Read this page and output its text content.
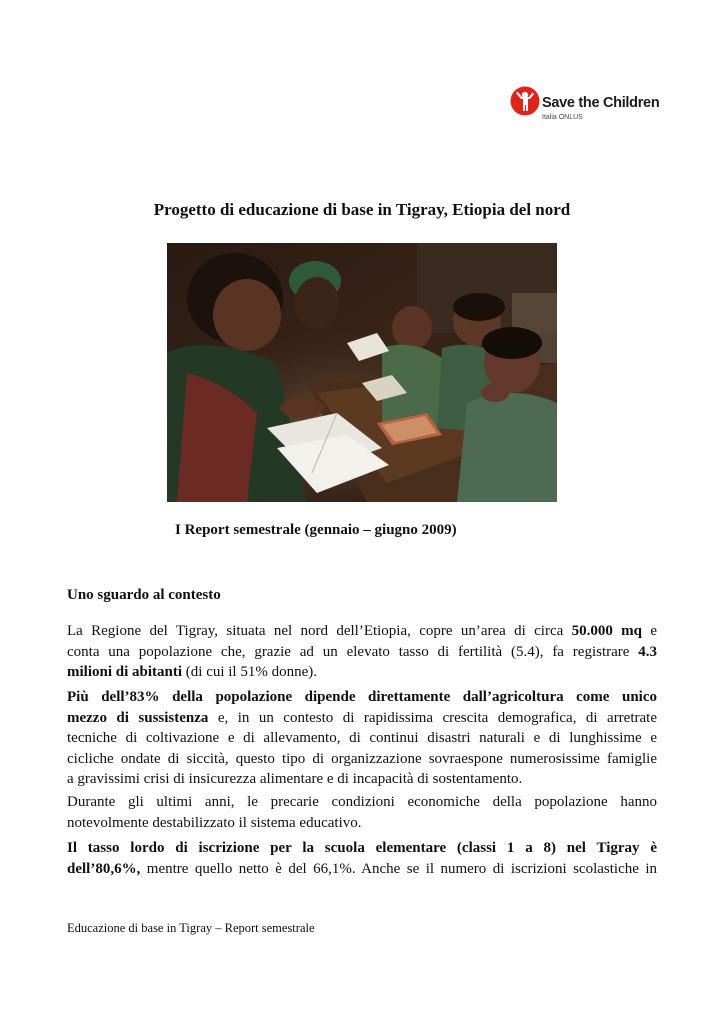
Save the Children
Italia ONLUS
Progetto di educazione di base in Tigray, Etiopia del nord
I Report semestrale (gennaio – giugno 2009)
Uno sguardo al contesto
La Regione del Tigray, situata nel nord dell’Etiopia, copre un’area di circa 50.000 mq e
conta una popolazione che, grazie ad un elevato tasso di fertilità (5.4), fa registrare 4.3
milioni di abitanti (di cui il 51% donne).
Più dell’83% della popolazione dipende direttamente dall’agricoltura come unico
mezzo di sussistenza e, in un contesto di rapidissima crescita demografica, di arretrate
tecniche di coltivazione e di allevamento, di continui disastri naturali e di lunghissime e
cicliche ondate di siccità, questo tipo di organizzazione sovraespone numerosissime famiglie
a gravissimi crisi di insicurezza alimentare e di incapacità di sostentamento.
Durante gli ultimi anni, le precarie condizioni economiche della popolazione hanno
notevolmente destabilizzato il sistema educativo.
Il tasso lordo di iscrizione per la scuola elementare (classi 1 a 8) nel Tigray è
dell’80,6%, mentre quello netto è del 66,1%. Anche se il numero di iscrizioni scolastiche in
Educazione di base in Tigray – Report semestrale
